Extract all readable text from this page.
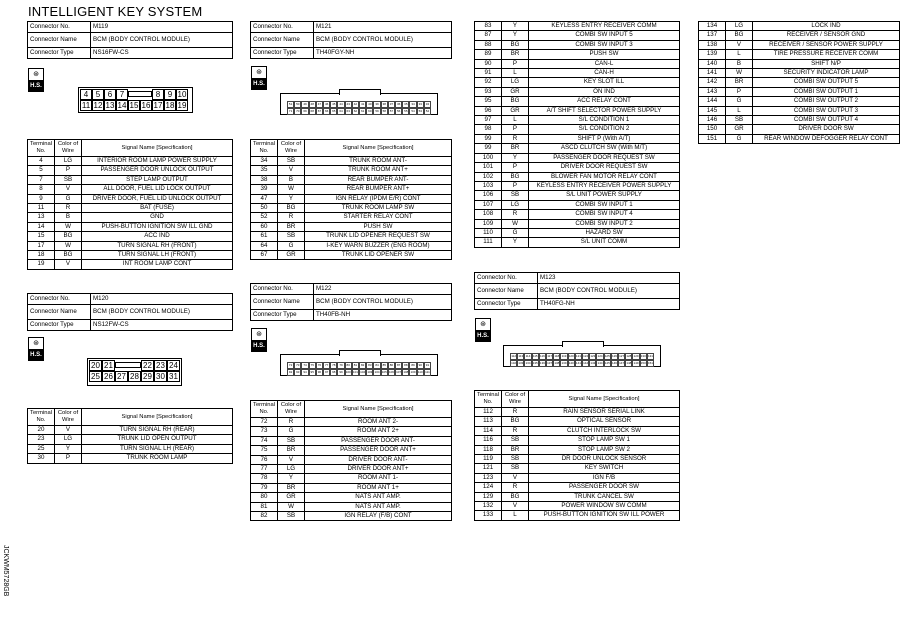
INTELLIGENT KEY SYSTEM
Connector No.	M119
Connector Name	BCM (BODY CONTROL MODULE)
Connector Type	NS16FW-CS
⊛
H.S.
4 5 6 7	8 9 10
11 12 13 14 15 16 17 18 19
Terminal No.	Color of Wire	Signal Name [Specification]
4	LG	INTERIOR ROOM LAMP POWER SUPPLY
5	P	PASSENGER DOOR UNLOCK OUTPUT
7	SB	STEP LAMP OUTPUT
8	V	ALL DOOR, FUEL LID LOCK OUTPUT
9	G	DRIVER DOOR, FUEL LID UNLOCK OUTPUT
11	R	BAT (FUSE)
13	B	GND
14	W	PUSH-BUTTON IGNITION SW ILL GND
15	BG	ACC IND
17	W	TURN SIGNAL RH (FRONT)
18	BG	TURN SIGNAL LH (FRONT)
19	V	INT ROOM LAMP CONT
Connector No.	M120
Connector Name	BCM (BODY CONTROL MODULE)
Connector Type	NS12FW-CS
⊛
H.S.
20 21	22 23 24
25 26 27 28 29 30 31
Terminal No.	Color of Wire	Signal Name [Specification]
20	V	TURN SIGNAL RH (REAR)
23	LG	TRUNK LID OPEN OUTPUT
25	Y	TURN SIGNAL LH (REAR)
30	P	TRUNK ROOM LAMP
Connector No.	M121
Connector Name	BCM (BODY CONTROL MODULE)
Connector Type	TH40FGY-NH
⊛
H.S.
51	50	49	48	47	46	45	44	43	42	41	40	39	38	37	36	35	34	33	32
71	70	69	68	67	66	65	64	63	62	61	60	59	58	57	56	55	54	53	52
Terminal No.	Color of Wire	Signal Name [Specification]
34	SB	TRUNK ROOM ANT-
35	V	TRUNK ROOM ANT+
38	B	REAR BUMPER ANT-
39	W	REAR BUMPER ANT+
47	Y	IGN RELAY (IPDM E/R) CONT
50	BG	TRUNK ROOM LAMP SW
52	R	STARTER RELAY CONT
60	BR	PUSH SW
61	SB	TRUNK LID OPENER REQUEST SW
64	G	I-KEY WARN BUZZER (ENG ROOM)
67	GR	TRUNK LID OPENER SW
Connector No.	M122
Connector Name	BCM (BODY CONTROL MODULE)
Connector Type	TH40FB-NH
⊛
H.S.
72	73	74	75	76	77	78	79	80	81	82	83	84	85	86	87	88	89	90	91
92	93	94	95	96	97	98	99	100 101 102 103 104 105 106 107 108 109 110 111
Terminal No.	Color of Wire	Signal Name [Specification]
72	R	ROOM ANT 2-
73	G	ROOM ANT 2+
74	SB	PASSENGER DOOR ANT-
75	BR	PASSENGER DOOR ANT+
76	V	DRIVER DOOR ANT-
77	LG	DRIVER DOOR ANT+
78	Y	ROOM ANT 1-
79	BR	ROOM ANT 1+
80	GR	NATS ANT AMP.
81	W	NATS ANT AMP.
82	SB	IGN RELAY (F/B) CONT
83	Y	KEYLESS ENTRY RECEIVER COMM
87	Y	COMBI SW INPUT 5
88	BG	COMBI SW INPUT 3
89	BR	PUSH SW
90	P	CAN-L
91	L	CAN-H
92	LG	KEY SLOT ILL
93	GR	ON IND
95	BG	ACC RELAY CONT
96	GR	A/T SHIFT SELECTOR POWER SUPPLY
97	L	S/L CONDITION 1
98	P	S/L CONDITION 2
99	R	SHIFT P (With A/T)
99	BR	ASCD CLUTCH SW (With M/T)
100	Y	PASSENGER DOOR REQUEST SW
101	P	DRIVER DOOR REQUEST SW
102	BG	BLOWER FAN MOTOR RELAY CONT
103	P	KEYLESS ENTRY RECEIVER POWER SUPPLY
106	SB	S/L UNIT POWER SUPPLY
107	LG	COMBI SW INPUT 1
108	R	COMBI SW INPUT 4
109	W	COMBI SW INPUT 2
110	G	HAZARD SW
111	Y	S/L UNIT COMM
Connector No.	M123
Connector Name	BCM (BODY CONTROL MODULE)
Connector Type	TH40FG-NH
⊛
H.S.
112 113 114 115 116 117 118 119 120 121 122 123 124 125 126 127 128 129 130 131
132 133 134 135 136 137 138 139 140 141 142 143 144 145 146 147 148 149 150 151
Terminal No.	Color of Wire	Signal Name [Specification]
112	R	RAIN SENSOR SERIAL LINK
113	BG	OPTICAL SENSOR
114	R	CLUTCH INTERLOCK SW
116	SB	STOP LAMP SW 1
118	BR	STOP LAMP SW 2
119	SB	DR DOOR UNLOCK SENSOR
121	SB	KEY SWITCH
123	V	IGN F/B
124	R	PASSENGER DOOR SW
129	BG	TRUNK CANCEL SW
132	V	POWER WINDOW SW COMM
133	L	PUSH-BUTTON IGNITION SW ILL POWER
134	LG	LOCK IND
137	BG	RECEIVER / SENSOR GND
138	V	RECEIVER / SENSOR POWER SUPPLY
139	L	TIRE PRESSURE RECEIVER COMM
140	B	SHIFT N/P
141	W	SECURITY INDICATOR LAMP
142	BR	COMBI SW OUTPUT 5
143	P	COMBI SW OUTPUT 1
144	G	COMBI SW OUTPUT 2
145	L	COMBI SW OUTPUT 3
146	SB	COMBI SW OUTPUT 4
150	GR	DRIVER DOOR SW
151	G	REAR WINDOW DEFOGGER RELAY CONT
JCKWM5728GB
